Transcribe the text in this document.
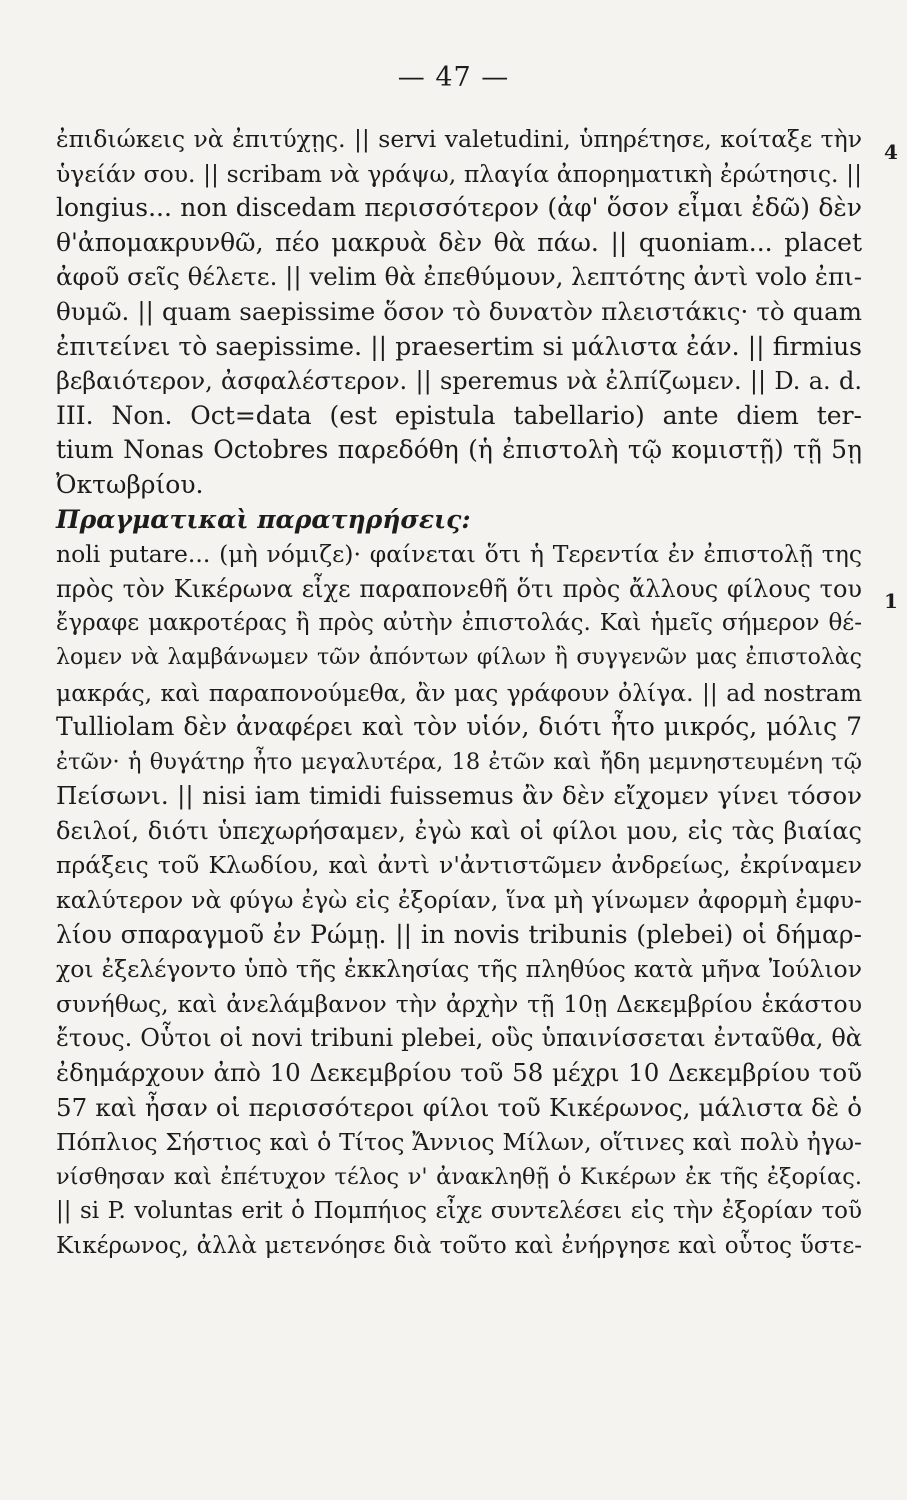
— 47 —
4
1
ἐπιδιώκεις νὰ ἐπιτύχῃς. || servi valetudini, ὑπηρέτησε, κοίταξε τὴν
ὑγείάν σου. || scribam νὰ γράψω, πλαγία ἀπορηματικὴ ἐρώτησις. ||
longius... non discedam περισσότερον (ἀφ' ὅσον εἶμαι ἐδῶ) δὲν
θ'ἀπομακρυνθῶ, πέο μακρυὰ δὲν θὰ πάω. || quoniam... placet
ἀφοῦ σεῖς θέλετε. || velim θὰ ἐπεθύμουν, λεπτότης ἀντὶ volo ἐπι-
θυμῶ. || quam saepissime ὅσον τὸ δυνατὸν πλειστάκις· τὸ quam
ἐπιτείνει τὸ saepissime. || praesertim si μάλιστα ἐάν. || firmius
βεβαιότερον, ἀσφαλέστερον. || speremus νὰ ἐλπίζωμεν. || D. a. d.
III. Non. Oct=data (est epistula tabellario) ante diem ter-
tium Nonas Octobres παρεδόθη (ἡ ἐπιστολὴ τῷ κομιστῇ) τῇ 5ῃ
Ὀκτωβρίου.
Πραγματικαὶ παρατηρήσεις:
noli putare... (μὴ νόμιζε)· φαίνεται ὅτι ἡ Τερεντία ἐν ἐπιστολῇ της
πρὸς τὸν Κικέρωνα εἶχε παραπονεθῆ ὅτι πρὸς ἄλλους φίλους του
ἔγραφε μακροτέρας ἢ πρὸς αὐτὴν ἐπιστολάς. Καὶ ἡμεῖς σήμερον θέ-
λομεν νὰ λαμβάνωμεν τῶν ἀπόντων φίλων ἢ συγγενῶν μας ἐπιστολὰς
μακράς, καὶ παραπονούμεθα, ἂν μας γράφουν ὀλίγα. || ad nostram
Tulliolam δὲν ἀναφέρει καὶ τὸν υἱόν, διότι ἦτο μικρός, μόλις 7
ἐτῶν· ἡ θυγάτηρ ἦτο μεγαλυτέρα, 18 ἐτῶν καὶ ἤδη μεμνηστευμένη τῷ
Πείσωνι. || nisi iam timidi fuissemus ἂν δὲν εἴχομεν γίνει τόσον
δειλοί, διότι ὑπεχωρήσαμεν, ἐγὼ καὶ οἱ φίλοι μου, εἰς τὰς βιαίας
πράξεις τοῦ Κλωδίου, καὶ ἀντὶ ν'ἀντιστῶμεν ἀνδρείως, ἐκρίναμεν
καλύτερον νὰ φύγω ἐγὼ εἰς ἐξορίαν, ἵνα μὴ γίνωμεν ἀφορμὴ ἐμφυ-
λίου σπαραγμοῦ ἐν Ρώμῃ. || in novis tribunis (plebei) οἱ δήμαρ-
χοι ἐξελέγοντο ὑπὸ τῆς ἐκκλησίας τῆς πληθύος κατὰ μῆνα Ἰούλιον
συνήθως, καὶ ἀνελάμβανον τὴν ἀρχὴν τῇ 10ῃ Δεκεμβρίου ἑκάστου
ἔτους. Οὗτοι οἱ novi tribuni plebei, οὓς ὑπαινίσσεται ἐνταῦθα, θὰ
ἐδημάρχουν ἀπὸ 10 Δεκεμβρίου τοῦ 58 μέχρι 10 Δεκεμβρίου τοῦ
57 καὶ ἦσαν οἱ περισσότεροι φίλοι τοῦ Κικέρωνος, μάλιστα δὲ ὁ
Πόπλιος Σήστιος καὶ ὁ Τίτος Ἄννιος Μίλων, οἵτινες καὶ πολὺ ἠγω-
νίσθησαν καὶ ἐπέτυχον τέλος ν' ἀνακληθῇ ὁ Κικέρων ἐκ τῆς ἐξορίας.
|| si P. voluntas erit ὁ Πομπήιος εἶχε συντελέσει εἰς τὴν ἐξορίαν τοῦ
Κικέρωνος, ἀλλὰ μετενόησε διὰ τοῦτο καὶ ἐνήργησε καὶ οὗτος ὕστε-
